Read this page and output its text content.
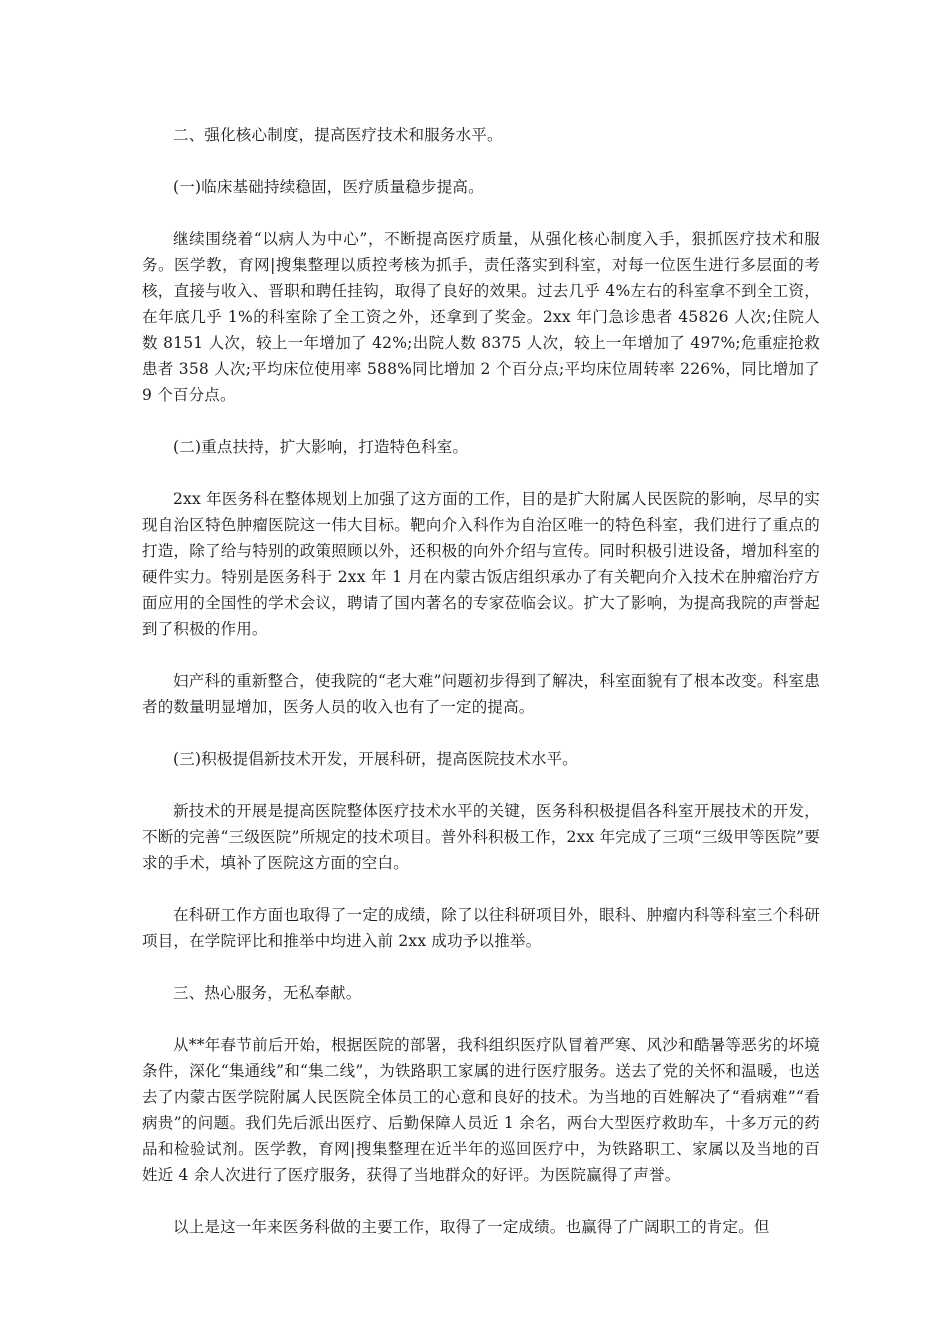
二、强化核心制度，提高医疗技术和服务水平。

(一)临床基础持续稳固，医疗质量稳步提高。

继续围绕着“以病人为中心”，不断提高医疗质量，从强化核心制度入手，狠抓医疗技术和服务。医学教，育网|搜集整理以质控考核为抓手，责任落实到科室，对每一位医生进行多层面的考核，直接与收入、晋职和聘任挂钩，取得了良好的效果。过去几乎 4%左右的科室拿不到全工资，在年底几乎 1%的科室除了全工资之外，还拿到了奖金。2xx 年门急诊患者 45826 人次;住院人数 8151 人次，较上一年增加了 42%;出院人数 8375 人次，较上一年增加了 497%;危重症抢救患者 358 人次;平均床位使用率 588%同比增加 2 个百分点;平均床位周转率 226%，同比增加了 9 个百分点。

(二)重点扶持，扩大影响，打造特色科室。

2xx 年医务科在整体规划上加强了这方面的工作，目的是扩大附属人民医院的影响，尽早的实现自治区特色肿瘤医院这一伟大目标。靶向介入科作为自治区唯一的特色科室，我们进行了重点的打造，除了给与特别的政策照顾以外，还积极的向外介绍与宣传。同时积极引进设备，增加科室的硬件实力。特别是医务科于 2xx 年 1 月在内蒙古饭店组织承办了有关靶向介入技术在肿瘤治疗方面应用的全国性的学术会议，聘请了国内著名的专家莅临会议。扩大了影响，为提高我院的声誉起到了积极的作用。

妇产科的重新整合，使我院的“老大难”问题初步得到了解决，科室面貌有了根本改变。科室患者的数量明显增加，医务人员的收入也有了一定的提高。

(三)积极提倡新技术开发，开展科研，提高医院技术水平。

新技术的开展是提高医院整体医疗技术水平的关键，医务科积极提倡各科室开展技术的开发，不断的完善“三级医院”所规定的技术项目。普外科积极工作，2xx 年完成了三项“三级甲等医院”要求的手术，填补了医院这方面的空白。

在科研工作方面也取得了一定的成绩，除了以往科研项目外，眼科、肿瘤内科等科室三个科研项目，在学院评比和推举中均进入前 2xx 成功予以推举。

三、热心服务，无私奉献。

从**年春节前后开始，根据医院的部署，我科组织医疗队冒着严寒、风沙和酷暑等恶劣的坏境条件，深化“集通线”和“集二线”，为铁路职工家属的进行医疗服务。送去了党的关怀和温暖，也送去了内蒙古医学院附属人民医院全体员工的心意和良好的技术。为当地的百姓解决了“看病难”“看病贵”的问题。我们先后派出医疗、后勤保障人员近 1 余名，两台大型医疗救助车，十多万元的药品和检验试剂。医学教，育网|搜集整理在近半年的巡回医疗中，为铁路职工、家属以及当地的百姓近 4 余人次进行了医疗服务，获得了当地群众的好评。为医院赢得了声誉。

以上是这一年来医务科做的主要工作，取得了一定成绩。也赢得了广阔职工的肯定。但
